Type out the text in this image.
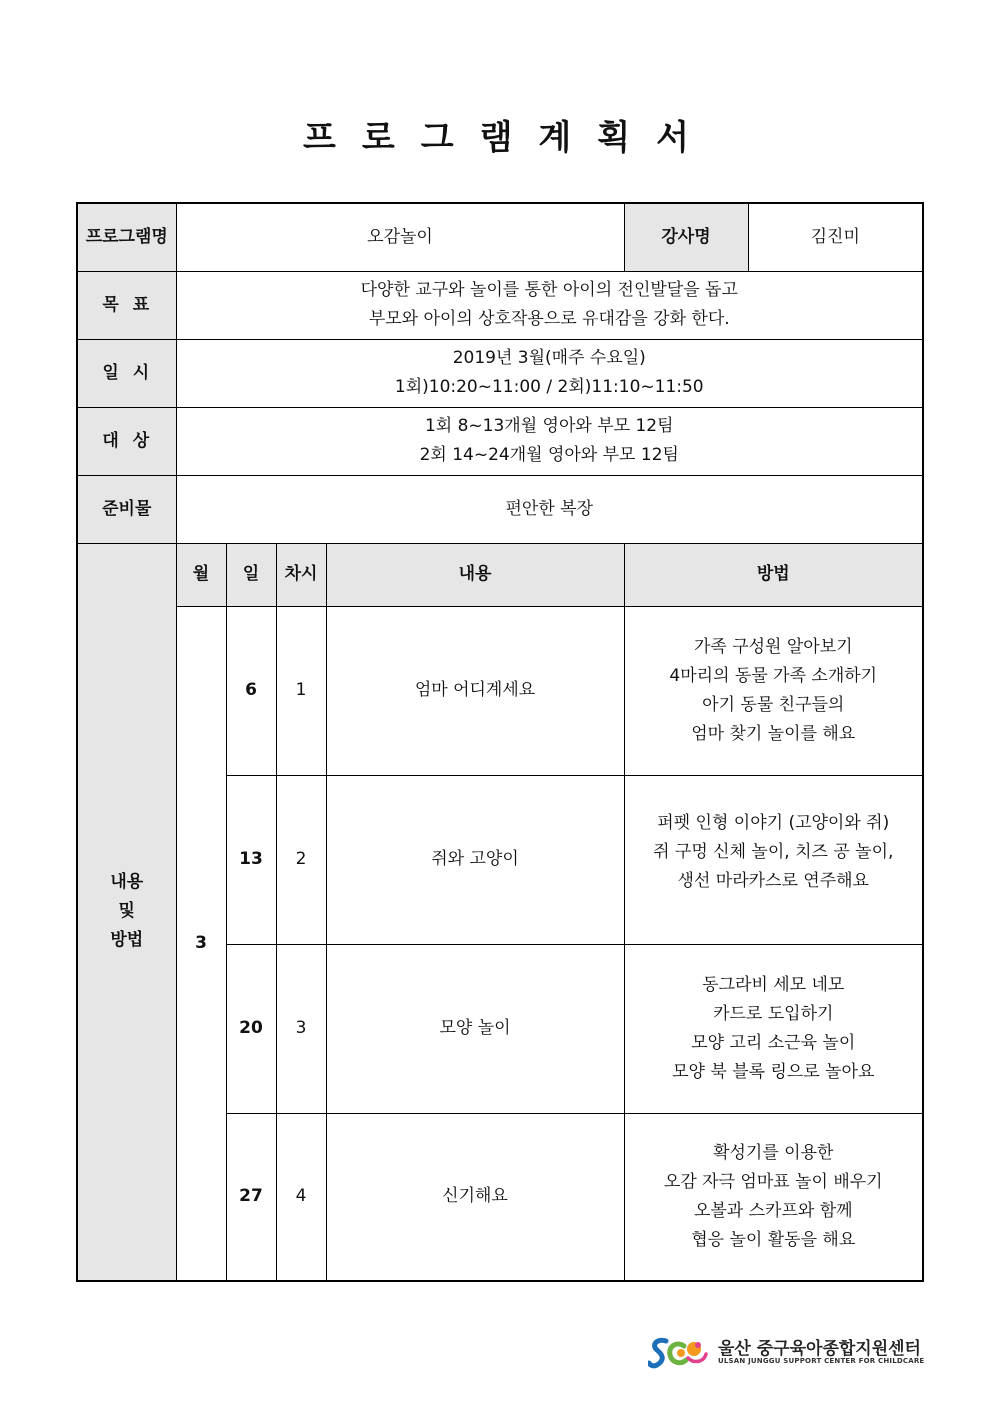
프로그램계획서
프로그램명	오감놀이				강사명	김진미
목표	다양한 교구와 놀이를 통한 아이의 전인발달을 돕고
부모와 아이의 상호작용으로 유대감을 강화 한다.					

일시	2019년 3월(매주 수요일)
1회)10:20~11:00 / 2회)11:10~11:50					

대상	1회 8~13개월 영아와 부모 12팀
2회 14~24개월 영아와 부모 12팀					

준비물	편안한 복장					

내용
및
방법	월	일	차시	내용	방법	
	3	6	1	엄마 어디계세요	가족 구성원 알아보기
4마리의 동물 가족 소개하기
아기 동물 친구들의
엄마 찾기 놀이를 해요	

		13	2	쥐와 고양이	퍼펫 인형 이야기 (고양이와 쥐)
쥐 구멍 신체 놀이, 치즈 공 놀이,
생선 마라카스로 연주해요	

		20	3	모양 놀이	동그라비 세모 네모
카드로 도입하기
모양 고리 소근육 놀이
모양 북 블록 링으로 놀아요	

		27	4	신기해요	확성기를 이용한
오감 자극 엄마표 놀이 배우기
오볼과 스카프와 함께
협응 놀이 활동을 해요	
울산 중구육아종합지원센터
ULSAN JUNGGU SUPPORT CENTER FOR CHILDCARE
